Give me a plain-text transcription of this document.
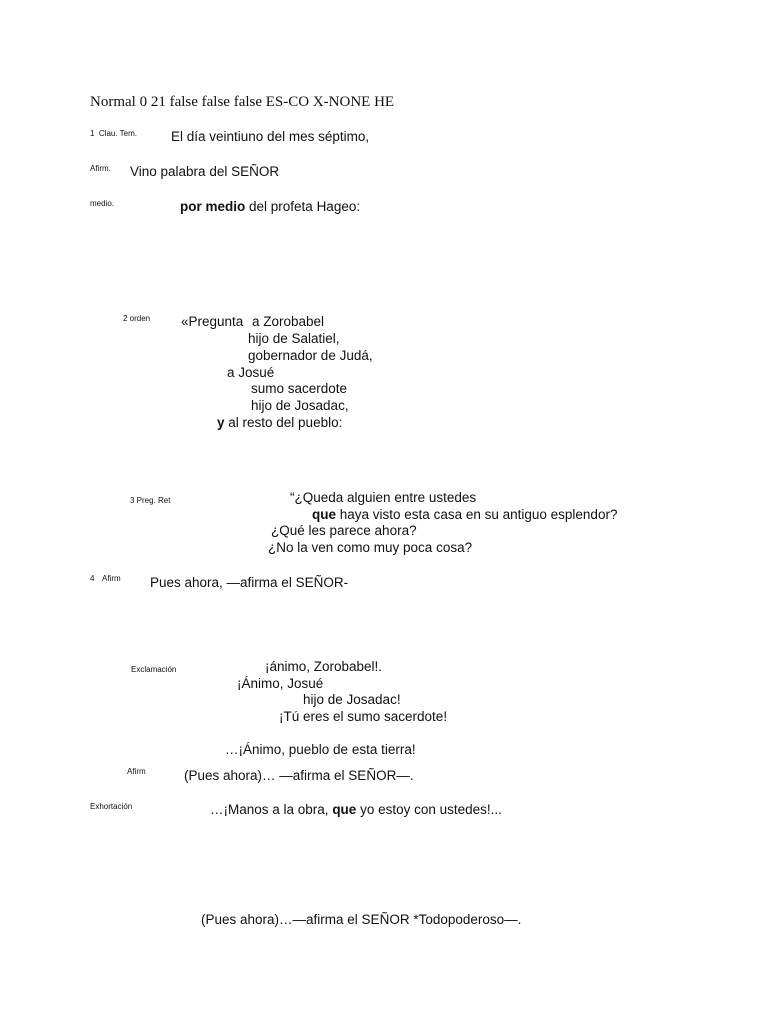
Normal 0 21 false false false ES-CO X-NONE HE
1  Clau. Tem.	El día veintiuno del mes séptimo,
Afirm. Vino palabra del SEÑOR
medio.	por medio del profeta Hageo:
2 orden «Pregunta a Zorobabel
hijo de Salatiel,
gobernador de Judá,
a Josué
sumo sacerdote
hijo de Josadac,
y al resto del pueblo:
3 Preg. Ret	“¿Queda alguien entre ustedes
que haya visto esta casa en su antiguo esplendor?
¿Qué les parece ahora?
¿No la ven como muy poca cosa?
4 Afirm Pues ahora, —afirma el SEÑOR-
Exclamación	¡ánimo, Zorobabel!.
¡Ánimo, Josué
hijo de Josadac!
¡Tú eres el sumo sacerdote!
…¡Ánimo, pueblo de esta tierra!
Afirm	(Pues ahora)… —afirma el SEÑOR—.
Exhortación	…¡Manos a la obra, que yo estoy con ustedes!...
(Pues ahora)…—afirma el SEÑOR *Todopoderoso—.
